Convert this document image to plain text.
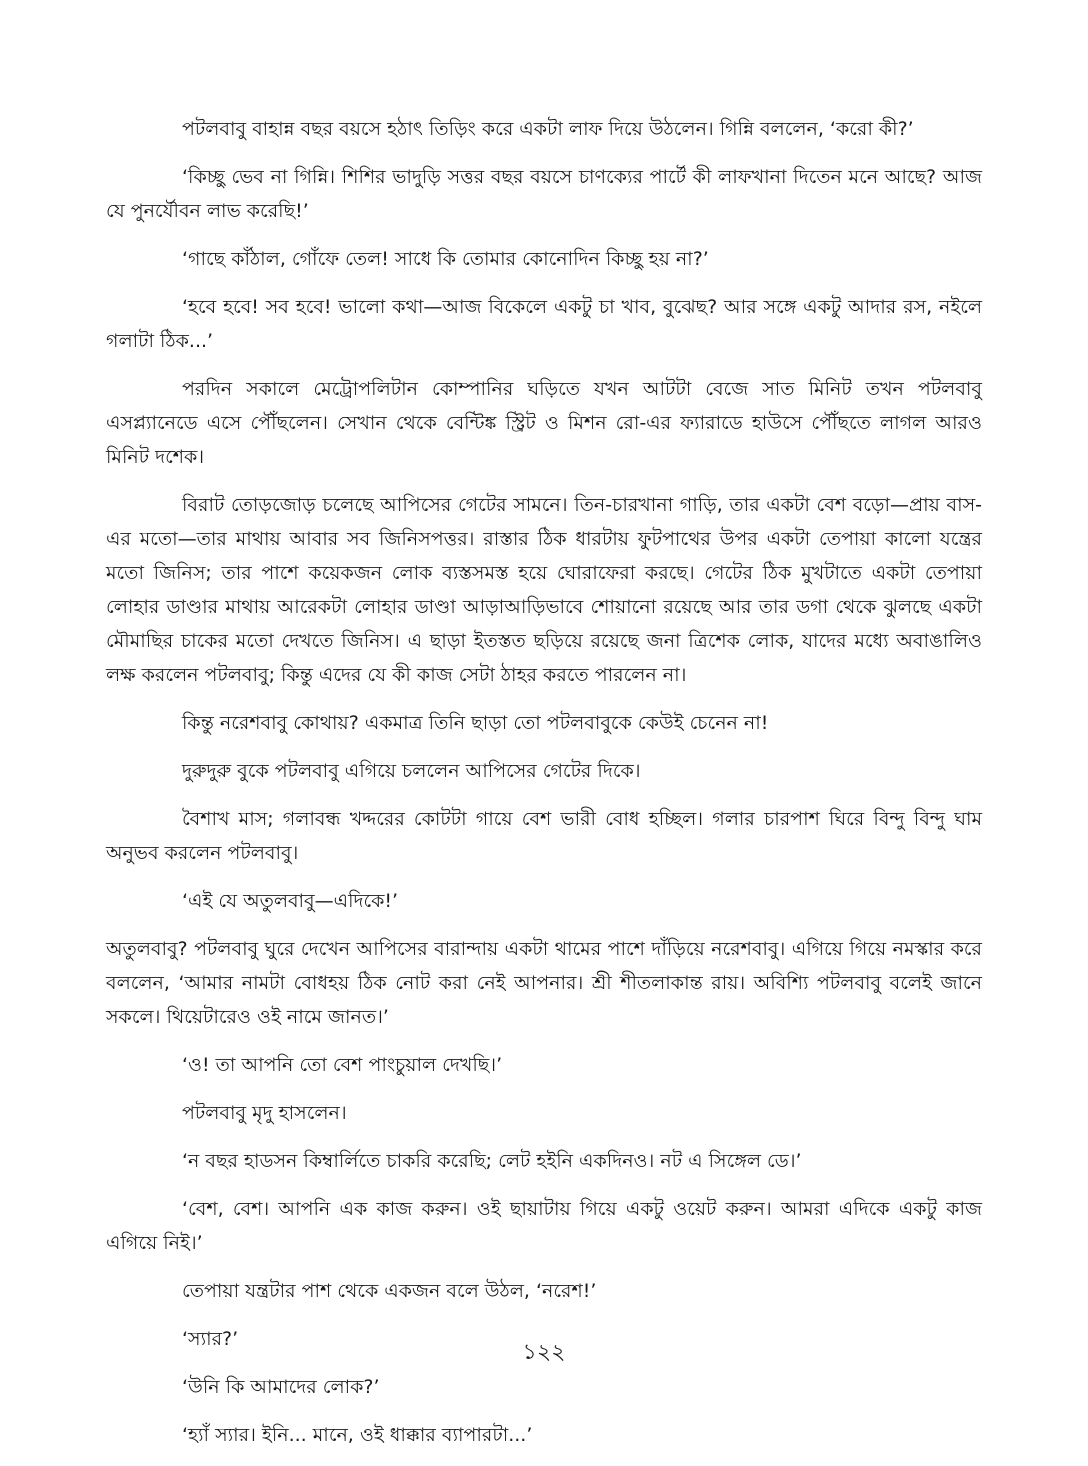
পটলবাবু বাহান্ন বছর বয়সে হঠাৎ তিড়িং করে একটা লাফ দিয়ে উঠলেন। গিন্নি বললেন, ‘করো কী?’

‘কিচ্ছু ভেব না গিন্নি। শিশির ভাদুড়ি সত্তর বছর বয়সে চাণক্যের পার্টে কী লাফখানা দিতেন মনে আছে? আজ যে পুনর্যৌবন লাভ করেছি!’

‘গাছে কাঁঠাল, গোঁফে তেল! সাধে কি তোমার কোনোদিন কিচ্ছু হয় না?’

‘হবে হবে! সব হবে! ভালো কথা—আজ বিকেলে একটু চা খাব, বুঝেছ? আর সঙ্গে একটু আদার রস, নইলে গলাটা ঠিক...’

পরদিন সকালে মেট্রোপলিটান কোম্পানির ঘড়িতে যখন আটটা বেজে সাত মিনিট তখন পটলবাবু এসপ্ল্যানেডে এসে পৌঁছলেন। সেখান থেকে বেন্টিঙ্ক স্ট্রিট ও মিশন রো-এর ফ্যারাডে হাউসে পৌঁছতে লাগল আরও মিনিট দশেক।

বিরাট তোড়জোড় চলেছে আপিসের গেটের সামনে। তিন-চারখানা গাড়ি, তার একটা বেশ বড়ো—প্রায় বাস-এর মতো—তার মাথায় আবার সব জিনিসপত্তর। রাস্তার ঠিক ধারটায় ফুটপাথের উপর একটা তেপায়া কালো যন্ত্রের মতো জিনিস; তার পাশে কয়েকজন লোক ব্যস্তসমস্ত হয়ে ঘোরাফেরা করছে। গেটের ঠিক মুখটাতে একটা তেপায়া লোহার ডাণ্ডার মাথায় আরেকটা লোহার ডাণ্ডা আড়াআড়িভাবে শোয়ানো রয়েছে আর তার ডগা থেকে ঝুলছে একটা মৌমাছির চাকের মতো দেখতে জিনিস। এ ছাড়া ইতস্তত ছড়িয়ে রয়েছে জনা ত্রিশেক লোক, যাদের মধ্যে অবাঙালিও লক্ষ করলেন পটলবাবু; কিন্তু এদের যে কী কাজ সেটা ঠাহর করতে পারলেন না।

কিন্তু নরেশবাবু কোথায়? একমাত্র তিনি ছাড়া তো পটলবাবুকে কেউই চেনেন না!

দুরুদুরু বুকে পটলবাবু এগিয়ে চললেন আপিসের গেটের দিকে।

বৈশাখ মাস; গলাবন্ধ খদ্দরের কোটটা গায়ে বেশ ভারী বোধ হচ্ছিল। গলার চারপাশ ঘিরে বিন্দু বিন্দু ঘাম অনুভব করলেন পটলবাবু।

‘এই যে অতুলবাবু—এদিকে!’

অতুলবাবু? পটলবাবু ঘুরে দেখেন আপিসের বারান্দায় একটা থামের পাশে দাঁড়িয়ে নরেশবাবু। এগিয়ে গিয়ে নমস্কার করে বললেন, ‘আমার নামটা বোধহয় ঠিক নোট করা নেই আপনার। শ্রী শীতলাকান্ত রায়। অবিশ্যি পটলবাবু বলেই জানে সকলে। থিয়েটারেও ওই নামে জানত।’

‘ও! তা আপনি তো বেশ পাংচুয়াল দেখছি।’

পটলবাবু মৃদু হাসলেন।

‘ন বছর হাডসন কিম্বার্লিতে চাকরি করেছি; লেট হইনি একদিনও। নট এ সিঙ্গেল ডে।’

‘বেশ, বেশ। আপনি এক কাজ করুন। ওই ছায়াটায় গিয়ে একটু ওয়েট করুন। আমরা এদিকে একটু কাজ এগিয়ে নিই।’

তেপায়া যন্ত্রটার পাশ থেকে একজন বলে উঠল, ‘নরেশ!’

‘স্যার?’

‘উনি কি আমাদের লোক?’

‘হ্যাঁ স্যার। ইনি... মানে, ওই ধাক্কার ব্যাপারটা...’

১২২
